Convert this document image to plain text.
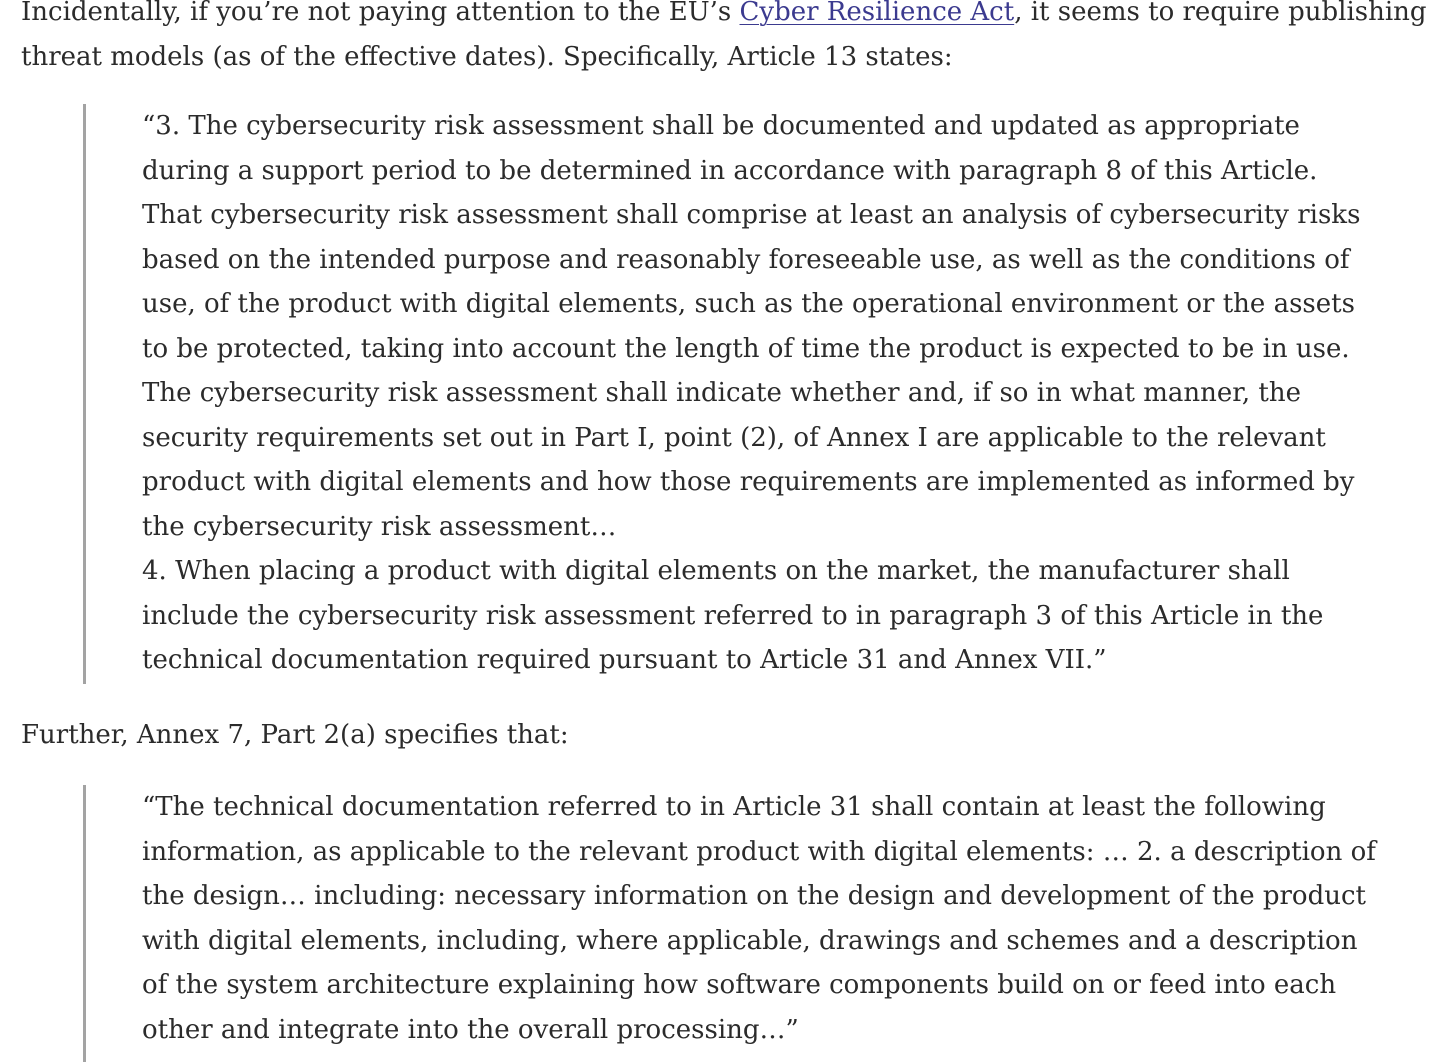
Incidentally, if you’re not paying attention to the EU’s Cyber Resilience Act, it seems to require publishing threat models (as of the effective dates). Specifically, Article 13 states:

“3. The cybersecurity risk assessment shall be documented and updated as appropriate during a support period to be determined in accordance with paragraph 8 of this Article. That cybersecurity risk assessment shall comprise at least an analysis of cybersecurity risks based on the intended purpose and reasonably foreseeable use, as well as the conditions of use, of the product with digital elements, such as the operational environment or the assets to be protected, taking into account the length of time the product is expected to be in use. The cybersecurity risk assessment shall indicate whether and, if so in what manner, the security requirements set out in Part I, point (2), of Annex I are applicable to the relevant product with digital elements and how those requirements are implemented as informed by the cybersecurity risk assessment…

4. When placing a product with digital elements on the market, the manufacturer shall include the cybersecurity risk assessment referred to in paragraph 3 of this Article in the technical documentation required pursuant to Article 31 and Annex VII.”

Further, Annex 7, Part 2(a) specifies that:

“The technical documentation referred to in Article 31 shall contain at least the following information, as applicable to the relevant product with digital elements: … 2. a description of the design… including: necessary information on the design and development of the product with digital elements, including, where applicable, drawings and schemes and a description of the system architecture explaining how software components build on or feed into each other and integrate into the overall processing…”
